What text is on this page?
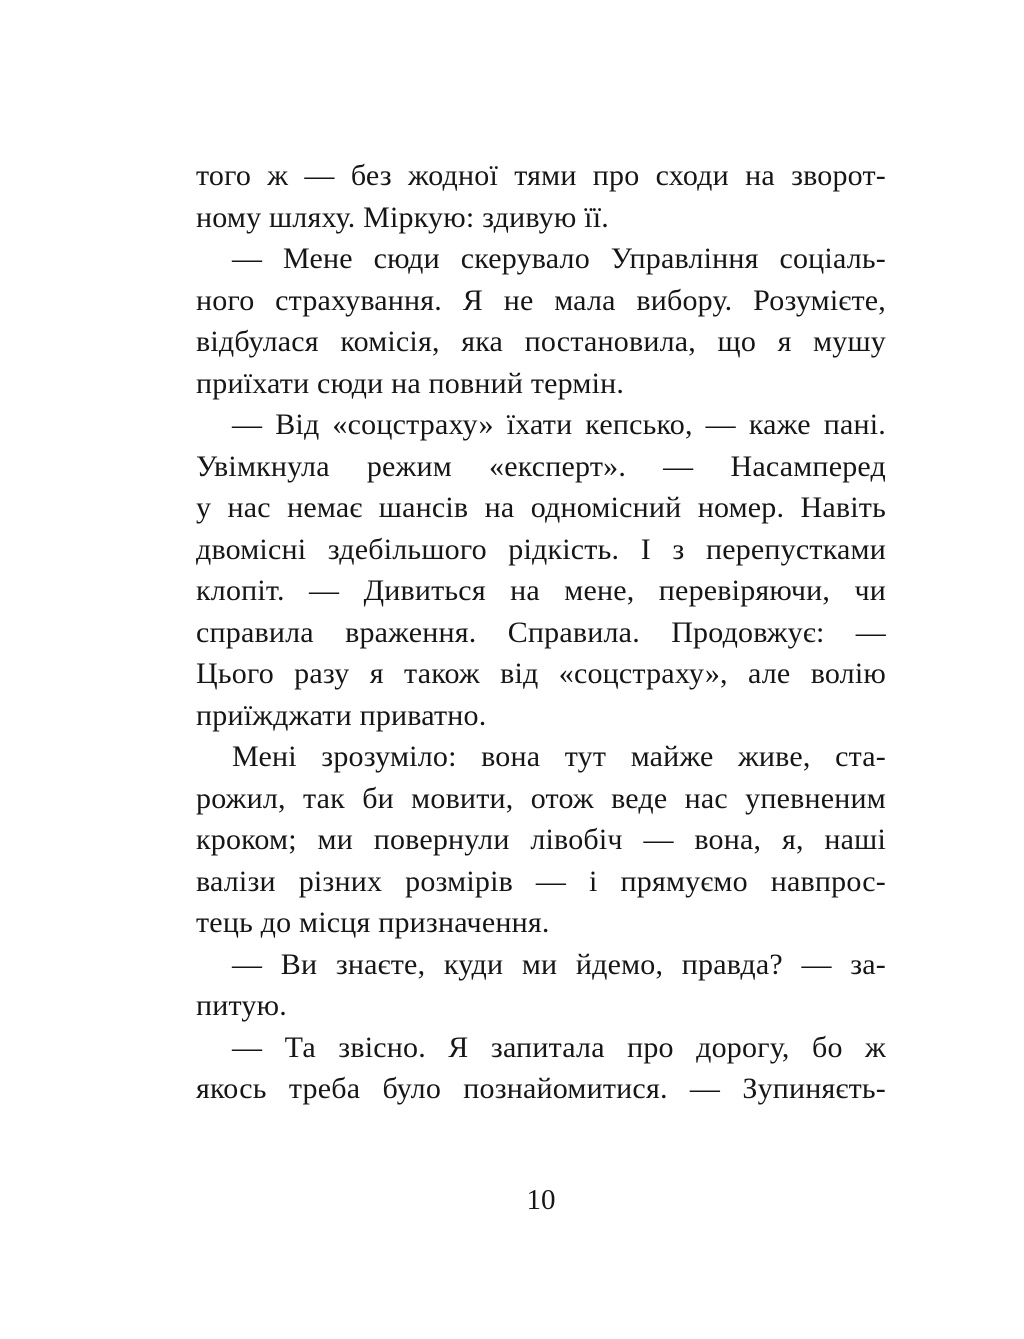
того ж — без жодної тями про сходи на зворот-
ному шляху. Міркую: здивую її.
— Мене сюди скерувало Управління соціаль-
ного страхування. Я не мала вибору. Розумієте,
відбулася комісія, яка постановила, що я мушу
приїхати сюди на повний термін.
— Від «соцстраху» їхати кепсько, — каже пані.
Увімкнула режим «експерт». — Насамперед
у нас немає шансів на одномісний номер. Навіть
двомісні здебільшого рідкість. І з перепустками
клопіт. — Дивиться на мене, перевіряючи, чи
справила враження. Справила. Продовжує: —
Цього разу я також від «соцстраху», але волію
приїжджати приватно.
Мені зрозуміло: вона тут майже живе, ста-
рожил, так би мовити, отож веде нас упевненим
кроком; ми повернули лівобіч — вона, я, наші
валізи різних розмірів — і прямуємо навпрос-
тець до місця призначення.
— Ви знаєте, куди ми йдемо, правда? — за-
питую.
— Та звісно. Я запитала про дорогу, бо ж
якось треба було познайомитися. — Зупиняєть-
10
